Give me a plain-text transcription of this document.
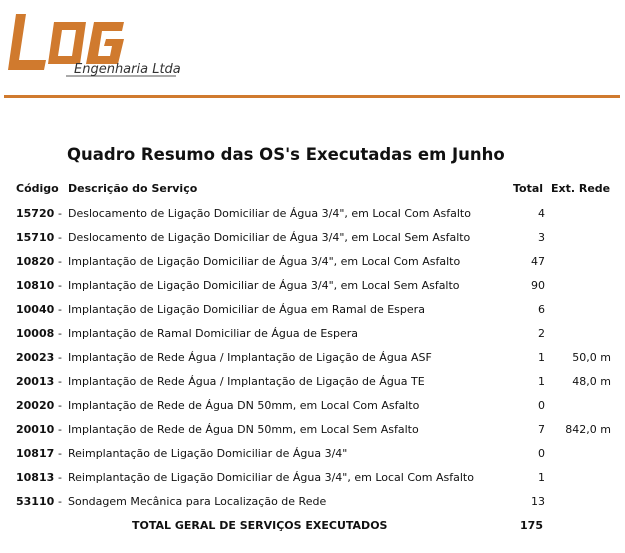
Engenharia Ltda
Quadro Resumo das OS's Executadas em Junho
Código Descrição do Serviço	Total Ext. Rede
15720 - Deslocamento de Ligação Domiciliar de Água 3/4", em Local Com Asfalto	4
15710 - Deslocamento de Ligação Domiciliar de Água 3/4", em Local Sem Asfalto	3
10820 - Implantação de Ligação Domiciliar de Água 3/4", em Local Com Asfalto	47
10810 - Implantação de Ligação Domiciliar de Água 3/4", em Local Sem Asfalto	90
10040 - Implantação de Ligação Domiciliar de Água em Ramal de Espera	6
10008 - Implantação de Ramal Domiciliar de Água de Espera	2
20023 - Implantação de Rede Água / Implantação de Ligação de Água ASF	1 50,0 m
20013 - Implantação de Rede Água / Implantação de Ligação de Água TE	1 48,0 m
20020 - Implantação de Rede de Água DN 50mm, em Local Com Asfalto	0
20010 - Implantação de Rede de Água DN 50mm, em Local Sem Asfalto	7 842,0 m
10817 - Reimplantação de Ligação Domiciliar de Água 3/4"	0
10813 - Reimplantação de Ligação Domiciliar de Água 3/4", em Local Com Asfalto	1
53110 - Sondagem Mecânica para Localização de Rede	13
TOTAL GERAL DE SERVIÇOS EXECUTADOS	175
